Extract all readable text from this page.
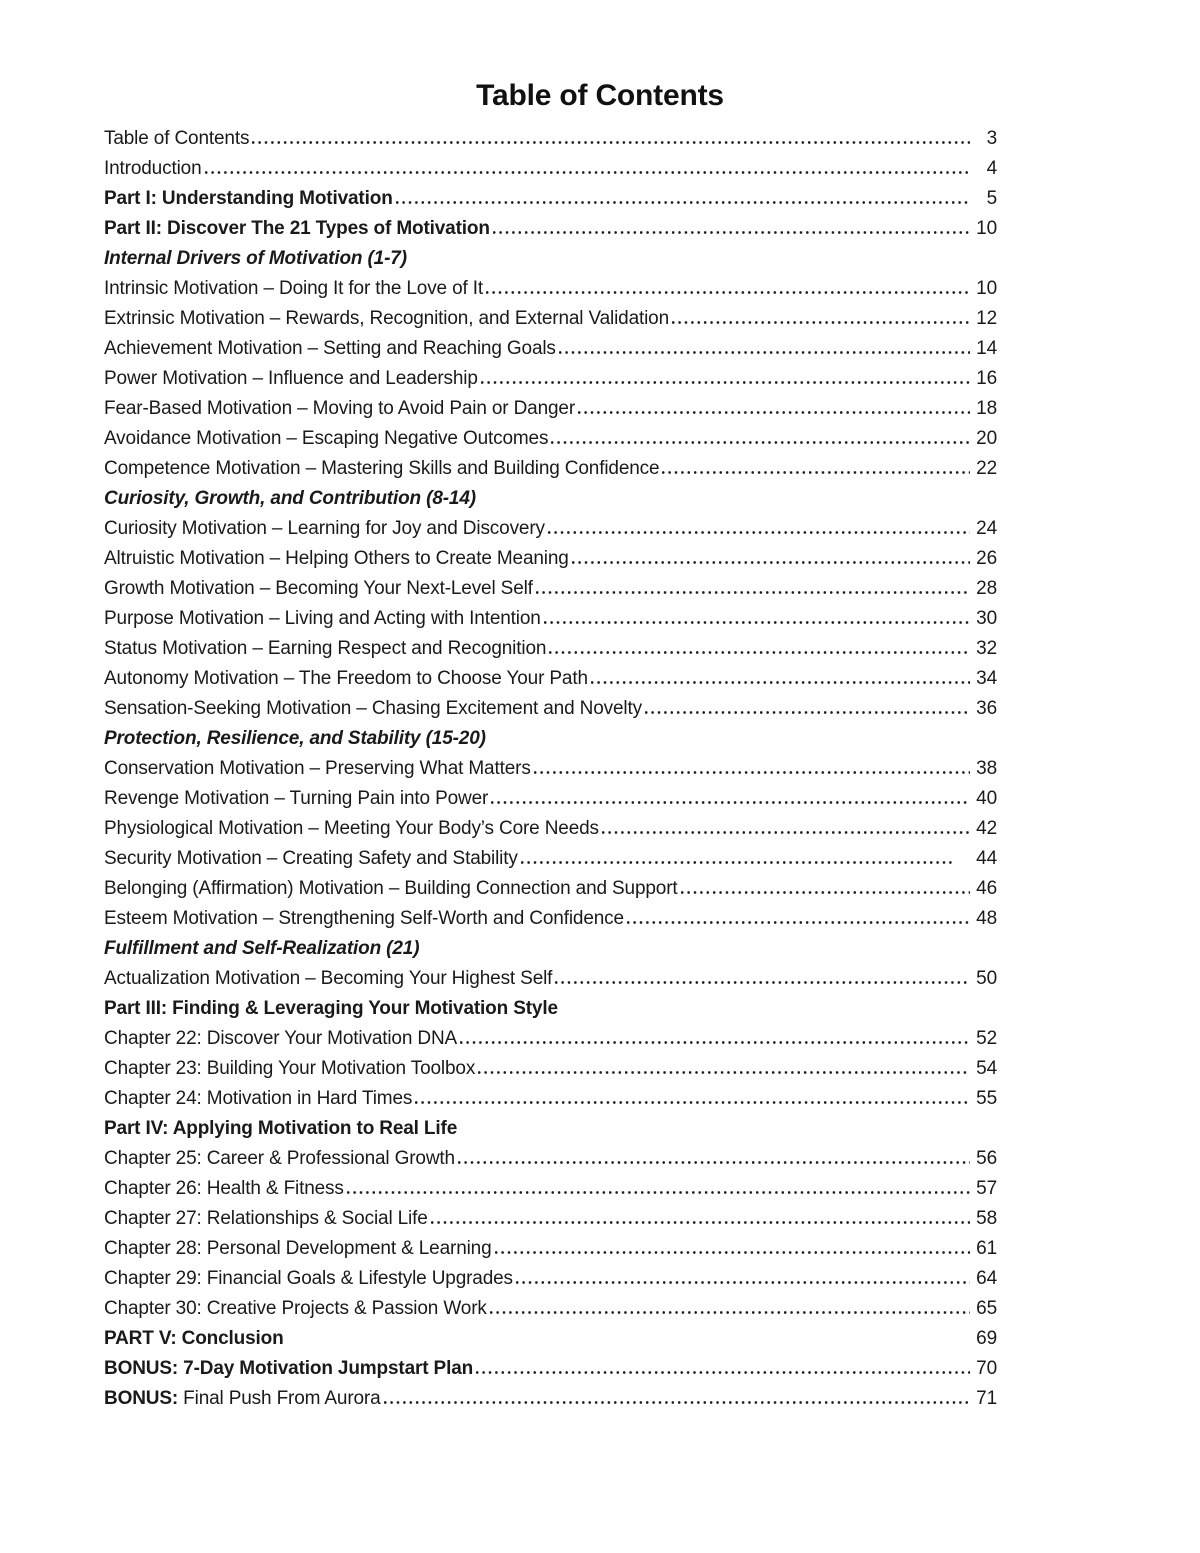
Table of Contents
Table of Contents	3
Introduction	4
Part I: Understanding Motivation	5
Part II: Discover The 21 Types of Motivation	10
Internal Drivers of Motivation (1-7)
Intrinsic Motivation – Doing It for the Love of It	10
Extrinsic Motivation – Rewards, Recognition, and External Validation	12
Achievement Motivation – Setting and Reaching Goals	14
Power Motivation – Influence and Leadership	16
Fear-Based Motivation – Moving to Avoid Pain or Danger	18
Avoidance Motivation – Escaping Negative Outcomes	20
Competence Motivation – Mastering Skills and Building Confidence	22
Curiosity, Growth, and Contribution (8-14)
Curiosity Motivation – Learning for Joy and Discovery	24
Altruistic Motivation – Helping Others to Create Meaning	26
Growth Motivation – Becoming Your Next-Level Self	28
Purpose Motivation – Living and Acting with Intention	30
Status Motivation – Earning Respect and Recognition	32
Autonomy Motivation – The Freedom to Choose Your Path	34
Sensation-Seeking Motivation – Chasing Excitement and Novelty	36
Protection, Resilience, and Stability (15-20)
Conservation Motivation – Preserving What Matters	38
Revenge Motivation – Turning Pain into Power	40
Physiological Motivation – Meeting Your Body’s Core Needs	42
Security Motivation – Creating Safety and Stability	44
Belonging (Affirmation) Motivation – Building Connection and Support	46
Esteem Motivation – Strengthening Self-Worth and Confidence	48
Fulfillment and Self-Realization (21)
Actualization Motivation – Becoming Your Highest Self	50
Part III: Finding & Leveraging Your Motivation Style
Chapter 22: Discover Your Motivation DNA	52
Chapter 23: Building Your Motivation Toolbox	54
Chapter 24: Motivation in Hard Times	55
Part IV: Applying Motivation to Real Life
Chapter 25: Career & Professional Growth	56
Chapter 26: Health & Fitness	57
Chapter 27: Relationships & Social Life	58
Chapter 28: Personal Development & Learning	61
Chapter 29: Financial Goals & Lifestyle Upgrades	64
Chapter 30: Creative Projects & Passion Work	65
PART V: Conclusion	69
BONUS: 7-Day Motivation Jumpstart Plan	70
BONUS: Final Push From Aurora	71
